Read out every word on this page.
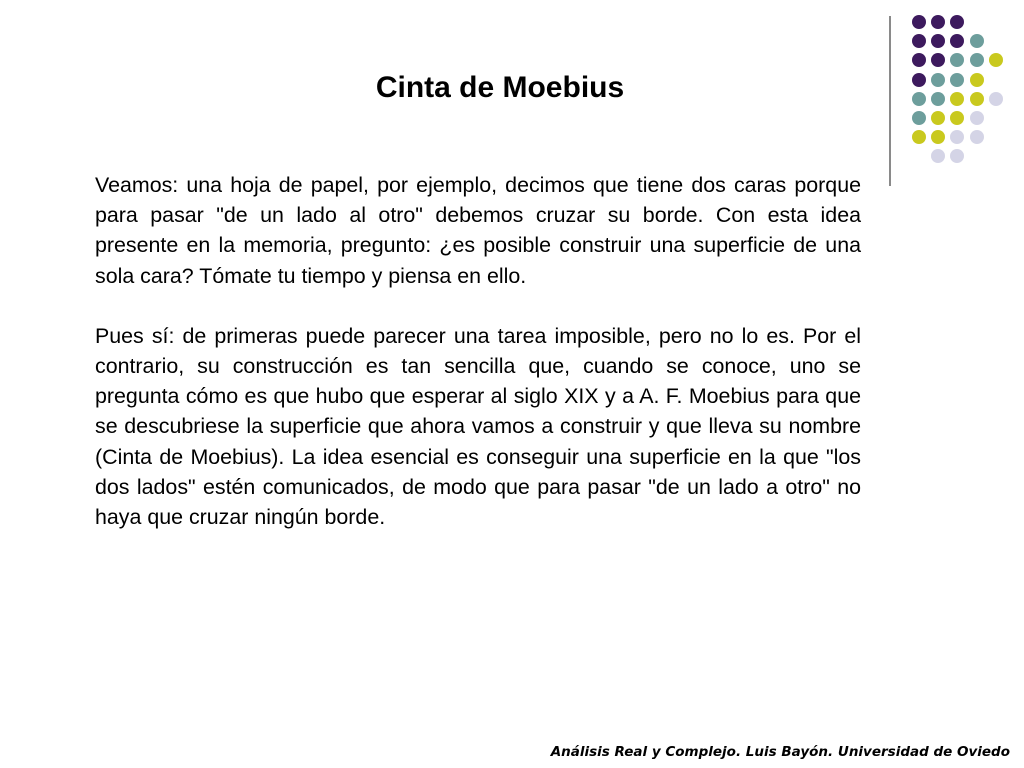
Cinta de Moebius

Veamos: una hoja de papel, por ejemplo, decimos que tiene dos caras porque para pasar "de un lado al otro" debemos cruzar su borde. Con esta idea presente en la memoria, pregunto: ¿es posible construir una superficie de una sola cara? Tómate tu tiempo y piensa en ello.

Pues sí: de primeras puede parecer una tarea imposible, pero no lo es. Por el contrario, su construcción es tan sencilla que, cuando se conoce, uno se pregunta cómo es que hubo que esperar al siglo XIX y a A. F. Moebius para que se descubriese la superficie que ahora vamos a construir y que lleva su nombre (Cinta de Moebius). La idea esencial es conseguir una superficie en la que "los dos lados" estén comunicados, de modo que para pasar "de un lado a otro" no haya que cruzar ningún borde.

Análisis Real y Complejo. Luis Bayón. Universidad de Oviedo
